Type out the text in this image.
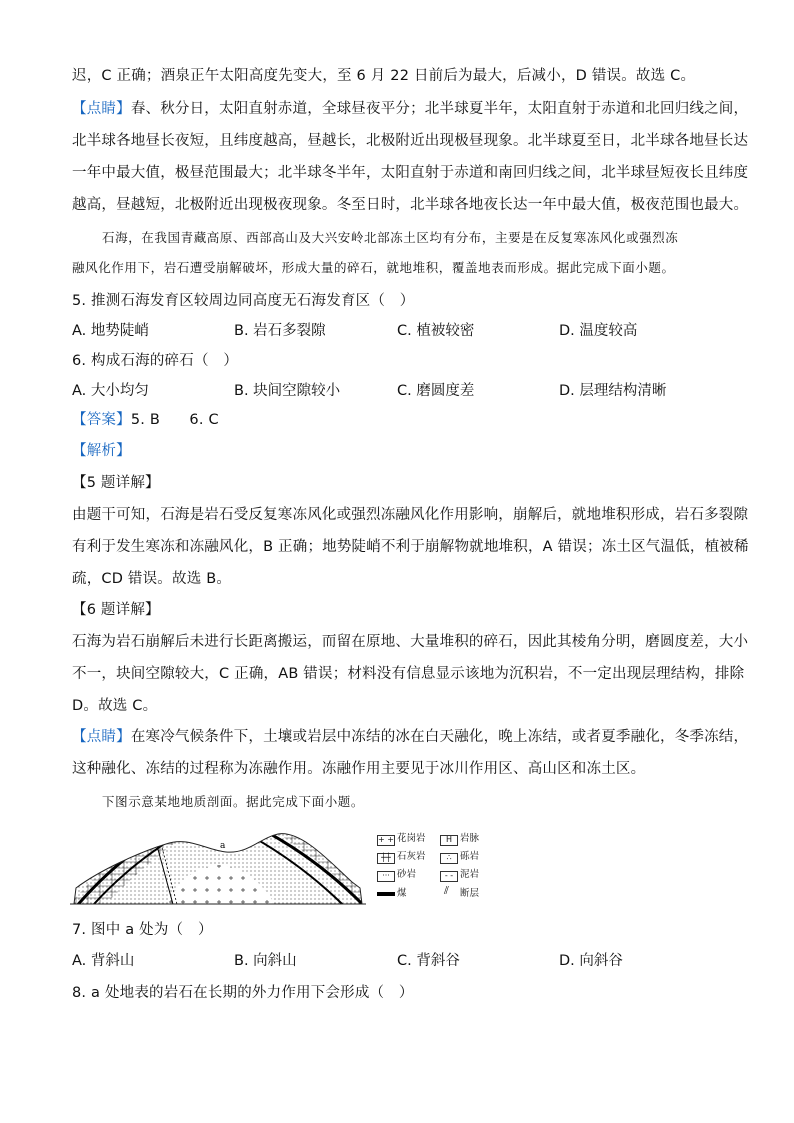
迟，C 正确；酒泉正午太阳高度先变大，至 6 月 22 日前后为最大，后减小，D 错误。故选 C。
【点睛】春、秋分日，太阳直射赤道，全球昼夜平分；北半球夏半年，太阳直射于赤道和北回归线之间，
北半球各地昼长夜短，且纬度越高，昼越长，北极附近出现极昼现象。北半球夏至日，北半球各地昼长达
一年中最大值，极昼范围最大；北半球冬半年，太阳直射于赤道和南回归线之间，北半球昼短夜长且纬度
越高，昼越短，北极附近出现极夜现象。冬至日时，北半球各地夜长达一年中最大值，极夜范围也最大。
石海，在我国青藏高原、西部高山及大兴安岭北部冻土区均有分布，主要是在反复寒冻风化或强烈冻
融风化作用下，岩石遭受崩解破坏，形成大量的碎石，就地堆积，覆盖地表而形成。据此完成下面小题。
5. 推测石海发育区较周边同高度无石海发育区（　）
A. 地势陡峭	B. 岩石多裂隙	C. 植被较密	D. 温度较高
6. 构成石海的碎石（　）
A. 大小均匀	B. 块间空隙较小	C. 磨圆度差	D. 层理结构清晰
【答案】5. B　　6. C
【解析】
【5 题详解】
由题干可知，石海是岩石受反复寒冻风化或强烈冻融风化作用影响，崩解后，就地堆积形成，岩石多裂隙
有利于发生寒冻和冻融风化，B 正确；地势陡峭不利于崩解物就地堆积，A 错误；冻土区气温低，植被稀
疏，CD 错误。故选 B。
【6 题详解】
石海为岩石崩解后未进行长距离搬运，而留在原地、大量堆积的碎石，因此其棱角分明，磨圆度差，大小
不一，块间空隙较大，C 正确，AB 错误；材料没有信息显示该地为沉积岩，不一定出现层理结构，排除
D。故选 C。
【点睛】在寒冷气候条件下，土壤或岩层中冻结的冰在白天融化，晚上冻结，或者夏季融化，冬季冻结，
这种融化、冻结的过程称为冻融作用。冻融作用主要见于冰川作用区、高山区和冻土区。
下图示意某地地质剖面。据此完成下面小题。
a
+ + 花岗岩	H 岩脉
┼┼ 石灰岩	∴ 砾岩
··· 砂岩	- - 泥岩
煤	⫽ 断层
7. 图中 a 处为（　）
A. 背斜山	B. 向斜山	C. 背斜谷	D. 向斜谷
8. a 处地表的岩石在长期的外力作用下会形成（　）
